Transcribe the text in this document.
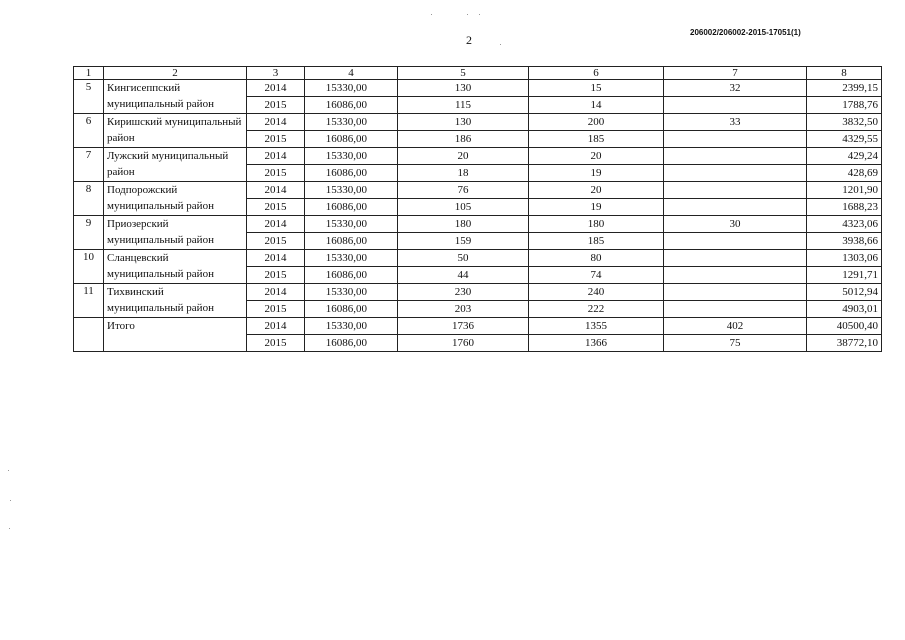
2
206002/206002-2015-17051(1)
1	2	3	4	5	6	7	8
5	Кингисеппский муниципальный район	2014	15330,00	130	15	32	2399,15
		2015	16086,00	115	14		1788,76
6	Киришский муниципальный район	2014	15330,00	130	200	33	3832,50
		2015	16086,00	186	185		4329,55
7	Лужский муниципальный район	2014	15330,00	20	20		429,24
		2015	16086,00	18	19		428,69
8	Подпорожский муниципальный район	2014	15330,00	76	20		1201,90
		2015	16086,00	105	19		1688,23
9	Приозерский муниципальный район	2014	15330,00	180	180	30	4323,06
		2015	16086,00	159	185		3938,66
10	Сланцевский муниципальный район	2014	15330,00	50	80		1303,06
		2015	16086,00	44	74		1291,71
11	Тихвинский муниципальный район	2014	15330,00	230	240		5012,94
		2015	16086,00	203	222		4903,01
	Итого	2014	15330,00	1736	1355	402	40500,40
		2015	16086,00	1760	1366	75	38772,10
